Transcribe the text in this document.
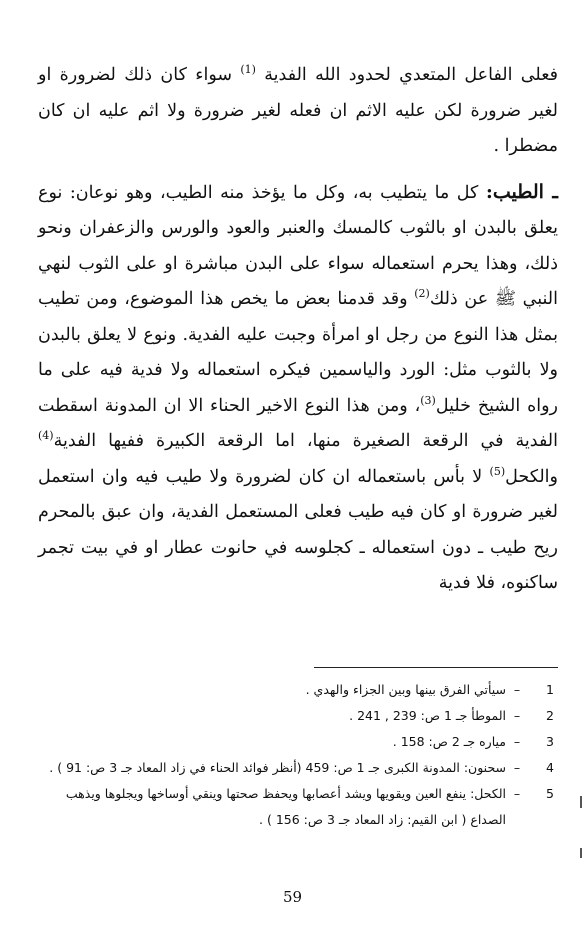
فعلى الفاعل المتعدي لحدود الله الفدية $^{(1)}$ سواء كان ذلك لضرورة او لغير ضرورة لكن عليه الاثم ان فعله لغير ضرورة ولا اثم عليه ان كان مضطرا .

ـ الطيب: كل ما يتطيب به، وكل ما يؤخذ منه الطيب، وهو نوعان: نوع يعلق بالبدن او بالثوب كالمسك والعنبر والعود والورس والزعفران ونحو ذلك، وهذا يحرم استعماله سواء على البدن مباشرة او على الثوب لنهي النبي ﷺ عن ذلك$^{(2)}$ وقد قدمنا بعض ما يخص هذا الموضوع، ومن تطيب بمثل هذا النوع من رجل او امرأة وجبت عليه الفدية. ونوع لا يعلق بالبدن ولا بالثوب مثل: الورد والياسمين فيكره استعماله ولا فدية فيه على ما رواه الشيخ خليل$^{(3)}$، ومن هذا النوع الاخير الحناء الا ان المدونة اسقطت الفدية في الرقعة الصغيرة منها، اما الرقعة الكبيرة ففيها الفدية$^{(4)}$ والكحل$^{(5)}$ لا بأس باستعماله ان كان لضرورة ولا طيب فيه وان استعمل لغير ضرورة او كان فيه طيب فعلى المستعمل الفدية، وان عبق بالمحرم ريح طيب ـ دون استعماله ـ كجلوسه في حانوت عطار او في بيت تجمر ساكنوه، فلا فدية

1
–
سيأتي الفرق بينها وبين الجزاء والهدي .
2
–
الموطأ جـ 1 ص: 239 , 241 .
3
–
مياره جـ 2 ص: 158 .
4
–
سحنون: المدونة الكبرى جـ 1 ص: 459 (أنظر فوائد الحناء في زاد المعاد جـ 3 ص: 91 ) .
5
–
الكحل: ينفع العين ويقويها ويشد أعصابها ويحفظ صحتها وينقي أوساخها ويجلوها ويذهب الصداع ( ابن القيم: زاد المعاد جـ 3 ص: 156 ) .
59
